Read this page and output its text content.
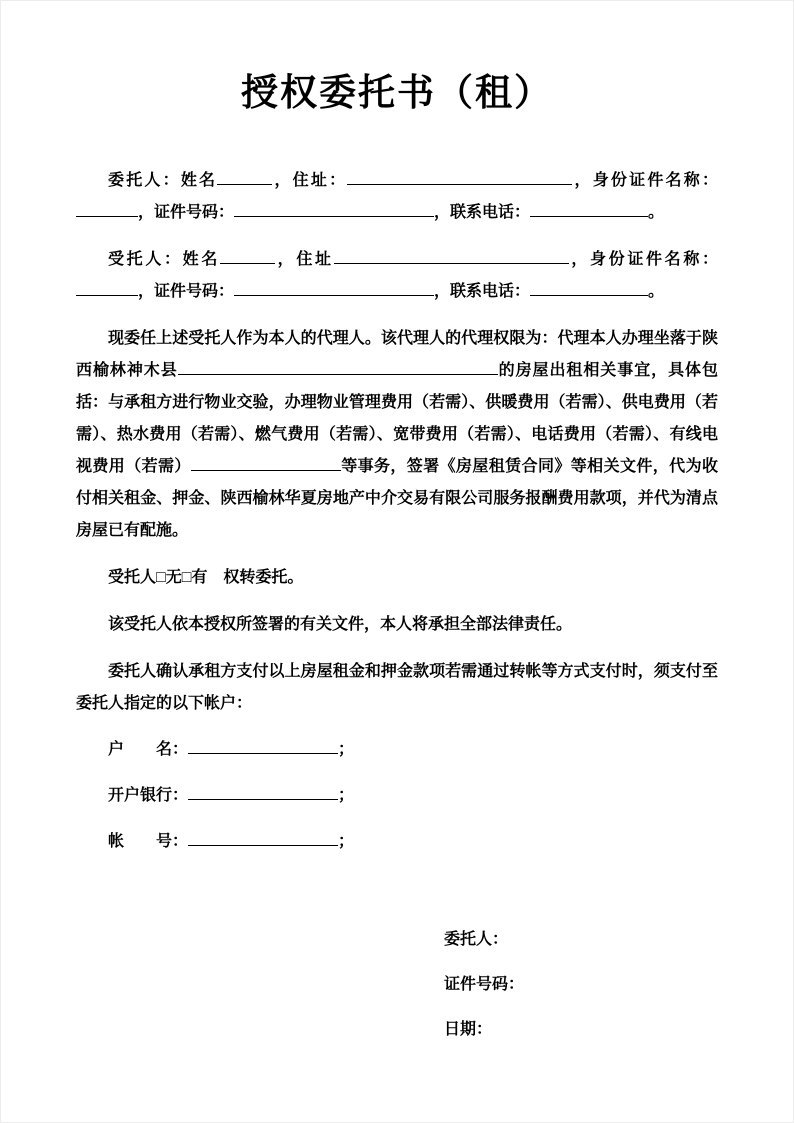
授权委托书（租）

委托人：姓名	，住址：	，身份证件名称：，证件号码：	，联系电话：	。

受托人：姓名	，住址	，身份证件名称：，证件号码：	，联系电话：	。

现委任上述受托人作为本人的代理人。该代理人的代理权限为：代理本人办理坐落于陕西榆林神木县	的房屋出租相关事宜，具体包括：与承租方进行物业交验，办理物业管理费用（若需）、供暖费用（若需）、供电费用（若需）、热水费用（若需）、燃气费用（若需）、宽带费用（若需）、电话费用（若需）、有线电视费用（若需）	等事务，签署《房屋租赁合同》等相关文件，代为收付相关租金、押金、陕西榆林华夏房地产中介交易有限公司服务报酬费用款项，并代为清点房屋已有配施。

受托人□无□有　权转委托。

该受托人依本授权所签署的有关文件，本人将承担全部法律责任。

委托人确认承租方支付以上房屋租金和押金款项若需通过转帐等方式支付时，须支付至委托人指定的以下帐户：

户　　名：	；

开户银行：	；

帐　　号：	；

委托人：
证件号码：
日期：
